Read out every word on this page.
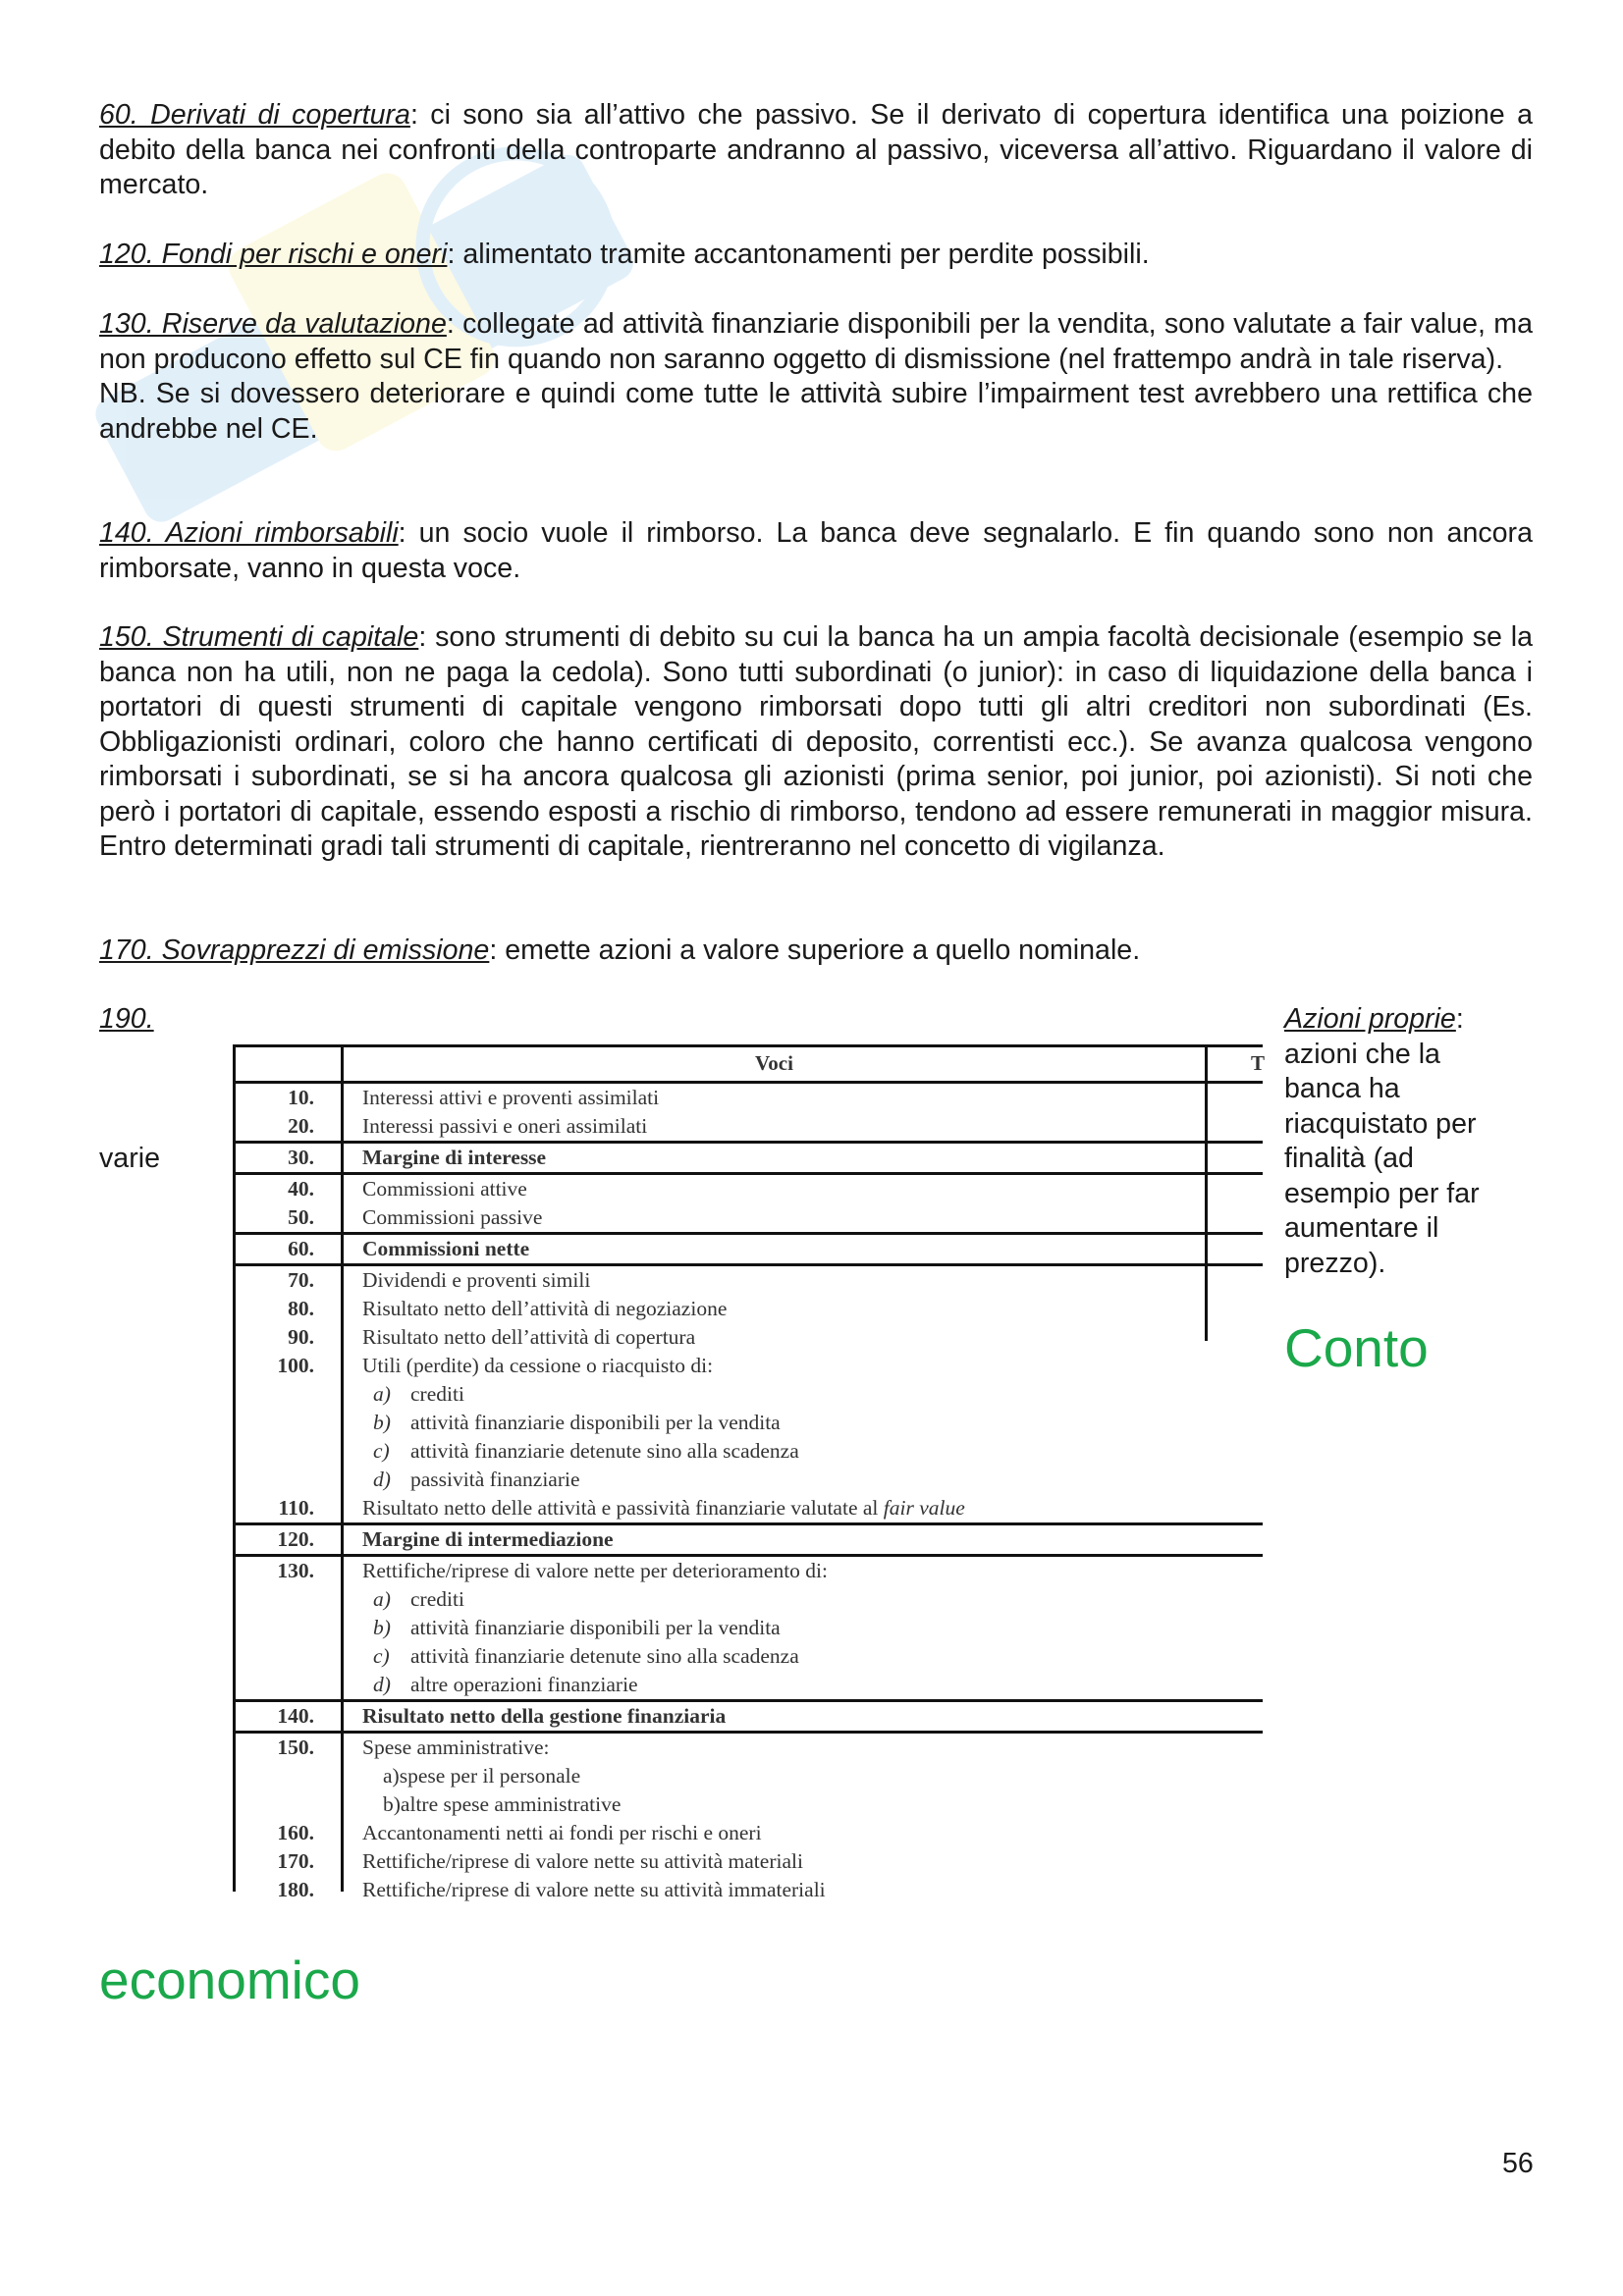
60. Derivati di copertura: ci sono sia all’attivo che passivo. Se il derivato di copertura identifica una poizione a debito della banca nei confronti della controparte andranno al passivo, viceversa all’attivo. Riguardano il valore di mercato.
120. Fondi per rischi e oneri: alimentato tramite accantonamenti per perdite possibili.
130. Riserve da valutazione: collegate ad attività finanziarie disponibili per la vendita, sono valutate a fair value, ma non producono effetto sul CE fin quando non saranno oggetto di dismissione (nel frattempo andrà in tale riserva).
NB. Se si dovessero deteriorare e quindi come tutte le attività subire l’impairment test avrebbero una rettifica che andrebbe nel CE.
140. Azioni rimborsabili: un socio vuole il rimborso. La banca deve segnalarlo. E fin quando sono non ancora rimborsate, vanno in questa voce.
150. Strumenti di capitale: sono strumenti di debito su cui la banca ha un ampia facoltà decisionale (esempio se la banca non ha utili, non ne paga la cedola). Sono tutti subordinati (o junior): in caso di liquidazione della banca i portatori di questi strumenti di capitale vengono rimborsati dopo tutti gli altri creditori non subordinati (Es. Obbligazionisti ordinari, coloro che hanno certificati di deposito, correntisti ecc.). Se avanza qualcosa vengono rimborsati i subordinati, se si ha ancora qualcosa gli azionisti (prima senior, poi junior, poi azionisti). Si noti che però i portatori di capitale, essendo esposti a rischio di rimborso, tendono ad essere remunerati in maggior misura. Entro determinati gradi tali strumenti di capitale, rientreranno nel concetto di vigilanza.
170. Sovrapprezzi di emissione: emette azioni a valore superiore a quello nominale.
190.
varie
Azioni proprie: azioni che la banca ha riacquistato per finalità (ad esempio per far aumentare il prezzo).
Conto
economico
Voci	T
10. Interessi attivi e proventi assimilati
20. Interessi passivi e oneri assimilati
30. Margine di interesse
40. Commissioni attive
50. Commissioni passive
60. Commissioni nette
70. Dividendi e proventi simili
80. Risultato netto dell’attività di negoziazione
90. Risultato netto dell’attività di copertura
100. Utili (perdite) da cessione o riacquisto di:
a) crediti
b) attività finanziarie disponibili per la vendita
c) attività finanziarie detenute sino alla scadenza
d) passività finanziarie
110. Risultato netto delle attività e passività finanziarie valutate al fair value
120. Margine di intermediazione
130. Rettifiche/riprese di valore nette per deterioramento di:
a) crediti
b) attività finanziarie disponibili per la vendita
c) attività finanziarie detenute sino alla scadenza
d) altre operazioni finanziarie
140. Risultato netto della gestione finanziaria
150. Spese amministrative:
a)spese per il personale
b)altre spese amministrative
160. Accantonamenti netti ai fondi per rischi e oneri
170. Rettifiche/riprese di valore nette su attività materiali
180. Rettifiche/riprese di valore nette su attività immateriali
56
